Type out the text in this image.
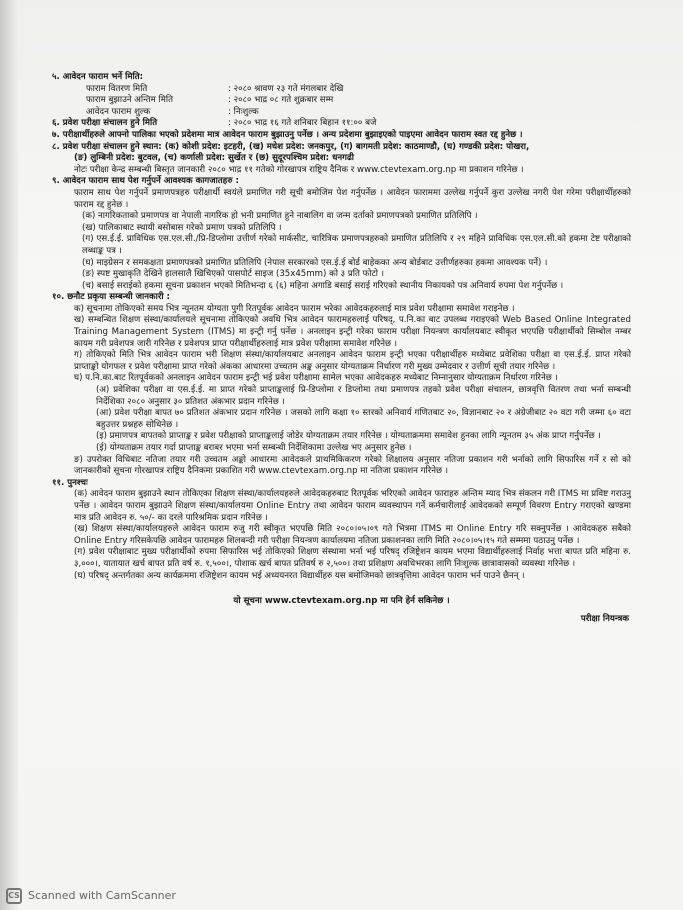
५. आवेदन फाराम भर्ने मिति:
फाराम वितरण मिति	: २०८० श्रावण २३ गते मंगलबार देखि
फाराम बुझाउने अन्तिम मिति	: २०८० भाद्र ०८ गते शुक्रबार सम्म
आवेदन फाराम शुल्क	: निःशुल्क
६. प्रवेश परीक्षा संचालन हुने मिति	: २०८० भाद्र १६ गते शनिबार बिहान ११:०० बजे
७. परीक्षार्थीहरुले आफ्नो पालिका भएको प्रदेशमा मात्र आवेदन फाराम बुझाउनु पर्नेछ । अन्य प्रदेशमा बुझाइएको पाइएमा आवेदन फाराम स्वत रद्द हुनेछ ।
८. प्रवेश परीक्षा संचालन हुने स्थान: (क) कोशी प्रदेश: इटहरी, (ख) मधेश प्रदेश: जनकपुर, (ग) बागमती प्रदेश: काठमाण्डौ, (घ) गण्डकी प्रदेश: पोखरा,
(ङ) लुम्बिनी प्रदेश: बुटवल, (च) कर्णाली प्रदेश: सुर्खेत र (छ) सुदूरपश्चिम प्रदेश: धनगढी
नोटः परीक्षा केन्द्र सम्बन्धी बिस्तृत जानकारी २०८० भाद्र ११ गतेको गोरखापत्र राष्ट्रिय दैनिक र www.ctevtexam.org.np मा प्रकाशन गरिनेछ ।
९. आवेदन फाराम साथ पेश गर्नुपर्ने आवश्यक कागजातहरु :
फाराम साथ पेश गर्नुपर्ने प्रमाणपत्रहरु परीक्षार्थी स्वयंले प्रमाणित गरी सूची बमोजिम पेश गर्नुपर्नेछ । आवेदन फाराममा उल्लेख गर्नुपर्ने कुरा उल्लेख नगरी पेश गरेमा परीक्षार्थीहरुको फाराम रद्द हुनेछ ।
(क) नागरिकताको प्रमाणपत्र वा नेपाली नागरिक हो भनी प्रमाणित हुने नाबालिग वा जन्म दर्ताको प्रमाणपत्रको प्रमाणित प्रतिलिपि ।
(ख) पालिकाबाट स्थायी बसोबास गरेको प्रमाण पत्रको प्रतिलिपि ।
(ग) एस.ई.ई. प्राविधिक एस.एल.सी./प्रि-डिप्लोमा उत्तीर्ण गरेको मार्कसीट, चारित्रिक प्रमाणपत्रहरुको प्रमाणित प्रतिलिपि र २९ महिने प्राविधिक एस.एल.सी.को हकमा टेष्ट परीक्षाको लब्धाङ्क पत्र ।
(घ) माइग्रेसन र समकक्षता प्रमाणपत्रको प्रमाणित प्रतिलिपि (नेपाल सरकारको एस.ई.ई बोर्ड बाहेकका अन्य बोर्डबाट उत्तीर्णहरुका हकमा आवश्यक पर्ने) ।
(ङ) स्पष्ट मुखाकृति देखिने हालसालै खिचिएको पासपोर्ट साइज (35x45mm) को ३ प्रति फोटो ।
(च) बसाई सराईको हकमा सूचना प्रकाशन भएको मितिभन्दा ६ (६) महिना अगाडि बसाई सराई गरिएको स्थानीय निकायको पत्र अनिवार्य रुपमा पेश गर्नुपर्नेछ ।
१०. छनौट प्रकृया सम्बन्धी जानकारी :
क) सूचनामा तोकिएको समय भित्र न्यूनतम योग्यता पुगी रितपूर्वक आवेदन फाराम भरेका आवेदकहरुलाई मात्र प्रवेश परीक्षामा समावेश गराइनेछ ।
ख) सम्बन्धित शिक्षण संस्था/कार्यालयले सूचनामा तोकिएको अवधि भित्र आवेदन फारामहरुलाई परिषद्, प.नि.का बाट उपलब्ध गराइएको Web Based Online Integrated Training Management System (ITMS) मा इन्ट्री गर्नु पर्नेछ । अनलाइन इन्ट्री गरेका फाराम परीक्षा नियन्त्रण कार्यालयबाट स्वीकृत भएपछि परीक्षार्थीको सिम्बोल नम्बर कायम गरी प्रवेशपत्र जारी गरिनेछ र प्रवेशपत्र प्राप्त परीक्षार्थीहरुलाई मात्र प्रवेश परीक्षामा समावेश गरिनेछ ।
ग) तोकिएको मिति भित्र आवेदन फाराम भरी शिक्षण संस्था/कार्यालयबाट अनलाइन आवेदन फाराम इन्ट्री भएका परीक्षार्थीहरु मध्येबाट प्रवेशिका परीक्षा वा एस.ई.ई. प्राप्त गरेको प्राप्ताङ्को योगफल र प्रवेश परीक्षामा प्राप्त गरेको अंकका आधारमा उच्चतम अङ्क अनुसार योग्यताक्रम निर्धारण गरी मुख्य उम्मेदवार र उत्तीर्ण सूची तयार गरिनेछ ।
घ) प.नि.का.बाट रितपूर्वकको अनलाइन आवेदन फाराम इन्ट्री भई प्रवेश परीक्षामा सामेल भएका आवेदकहरु मध्येबाट निम्नानुसार योग्यताक्रम निर्धारण गरिनेछ ।
(अ) प्रवेशिका परीक्षा वा एस.ई.ई. मा प्राप्त गरेको प्राप्ताङ्कलाई प्रि-डिप्लोमा र डिप्लोमा तथा प्रमाणपत्र तहको प्रवेश परीक्षा संचालन, छात्रवृत्ति वितरण तथा भर्ना सम्बन्धी निर्देशिका २०८० अनुसार ३० प्रतिशत अंकभार प्रदान गरिनेछ ।
(आ) प्रवेश परीक्षा बापत ७० प्रतिशत अंकभार प्रदान गरिनेछ । जसको लागि कक्षा १० स्तरको अनिवार्य गणितबाट २०, विज्ञानबाट २० र अंग्रेजीबाट २० वटा गरी जम्मा ६० वटा बहुउत्तर प्रश्नहरु सोधिनेछ ।
(इ) प्रमाणपत्र बापतको प्राप्ताङ्क र प्रवेश परीक्षाको प्राप्ताङ्कलाई जोडेर योग्यताक्रम तयार गरिनेछ । योग्यताक्रममा समावेश हुनका लागि न्यूनतम ३५ अंक प्राप्त गर्नुपर्नेछ ।
(ई) योग्यताक्रम तयार गर्दा प्राप्ताङ्क बराबर भएमा भर्ना सम्बन्धी निर्देशिकामा उल्लेख भए अनुसार हुनेछ ।
ङ) उपरोक्त विधिबाट नतिजा तयार गरी उच्चतम अङ्को आधारमा आवेदकले प्राथमिकिकरण गरेको शिक्षालय अनुसार नतिजा प्रकाशन गरी भर्नाको लागि सिफारिस गर्ने र सो को जानकारीको सूचना गोरखापत्र राष्ट्रिय दैनिकमा प्रकाशित गरी www.ctevtexam.org.np मा नतिजा प्रकाशन गरिनेछ ।
११. पुनश्चः
(क) आवेदन फाराम बुझाउने स्थान तोकिएका शिक्षण संस्था/कार्यालयहरुले आवेदकहरुबाट रितपूर्वक भरिएको आवेदन फाराहरु अन्तिम म्याद भित्र संकलन गरी ITMS मा प्रविष्ट गराउनु पर्नेछ । आवेदन फाराम बुझाउने शिक्षण संस्था/कार्यालयमा Online Entry तथा आवेदन फाराम व्यवस्थापन गर्ने कर्मचारीलाई आवेदकको सम्पूर्ण विवरण Entry गराएको खण्डमा मात्र प्रति आवेदन रु. ५०/- का दरले पारिश्रमिक प्रदान गरिनेछ ।
(ख) शिक्षण संस्था/कार्यालयहरुले आवेदन फाराम रुजु गरी स्वीकृत भएपछि मिति २०८०।०५।०९ गते भित्रमा ITMS मा Online Entry गरि सक्नुपर्नेछ । आवेदकहरु सबैको Online Entry गरिसकेपछि आवेदन फारामहरु शिलबन्दी गरी परीक्षा नियन्त्रण कार्यालयमा नतिजा प्रकाशनका लागि मिति २०८०।०५।१५ गते सम्ममा पठाउनु पर्नेछ ।
(ग) प्रवेश परीक्षाबाट मुख्य परीक्षार्थीको रुपमा सिफारिस भई तोकिएको शिक्षण संस्थामा भर्ना भई परिषद् रजिष्ट्रेशन कायम भएमा विद्यार्थीहरुलाई निर्वाह भत्ता बापत प्रति महिना रु. ३,०००।, यातायात खर्च बापत प्रति वर्ष रु. १,५००।, पोशाक खर्च बापत प्रतिवर्ष रु २,५००। तथा प्रशिक्षण अवधिभरका लागि निःशुल्क छात्रावासको व्यवस्था गरिनेछ ।
(घ) परिषद् अन्तर्गतका अन्य कार्यक्रममा रजिष्ट्रेशन कायम भई अध्ययनरत विद्यार्थीहरु यस बमोजिमको छात्रवृत्तिमा आवेदन फाराम भर्न पाउने छैनन् ।
यो सूचना www.ctevtexam.org.np मा पनि हेर्न सकिनेछ ।
परीक्षा नियन्त्रक
CS Scanned with CamScanner
